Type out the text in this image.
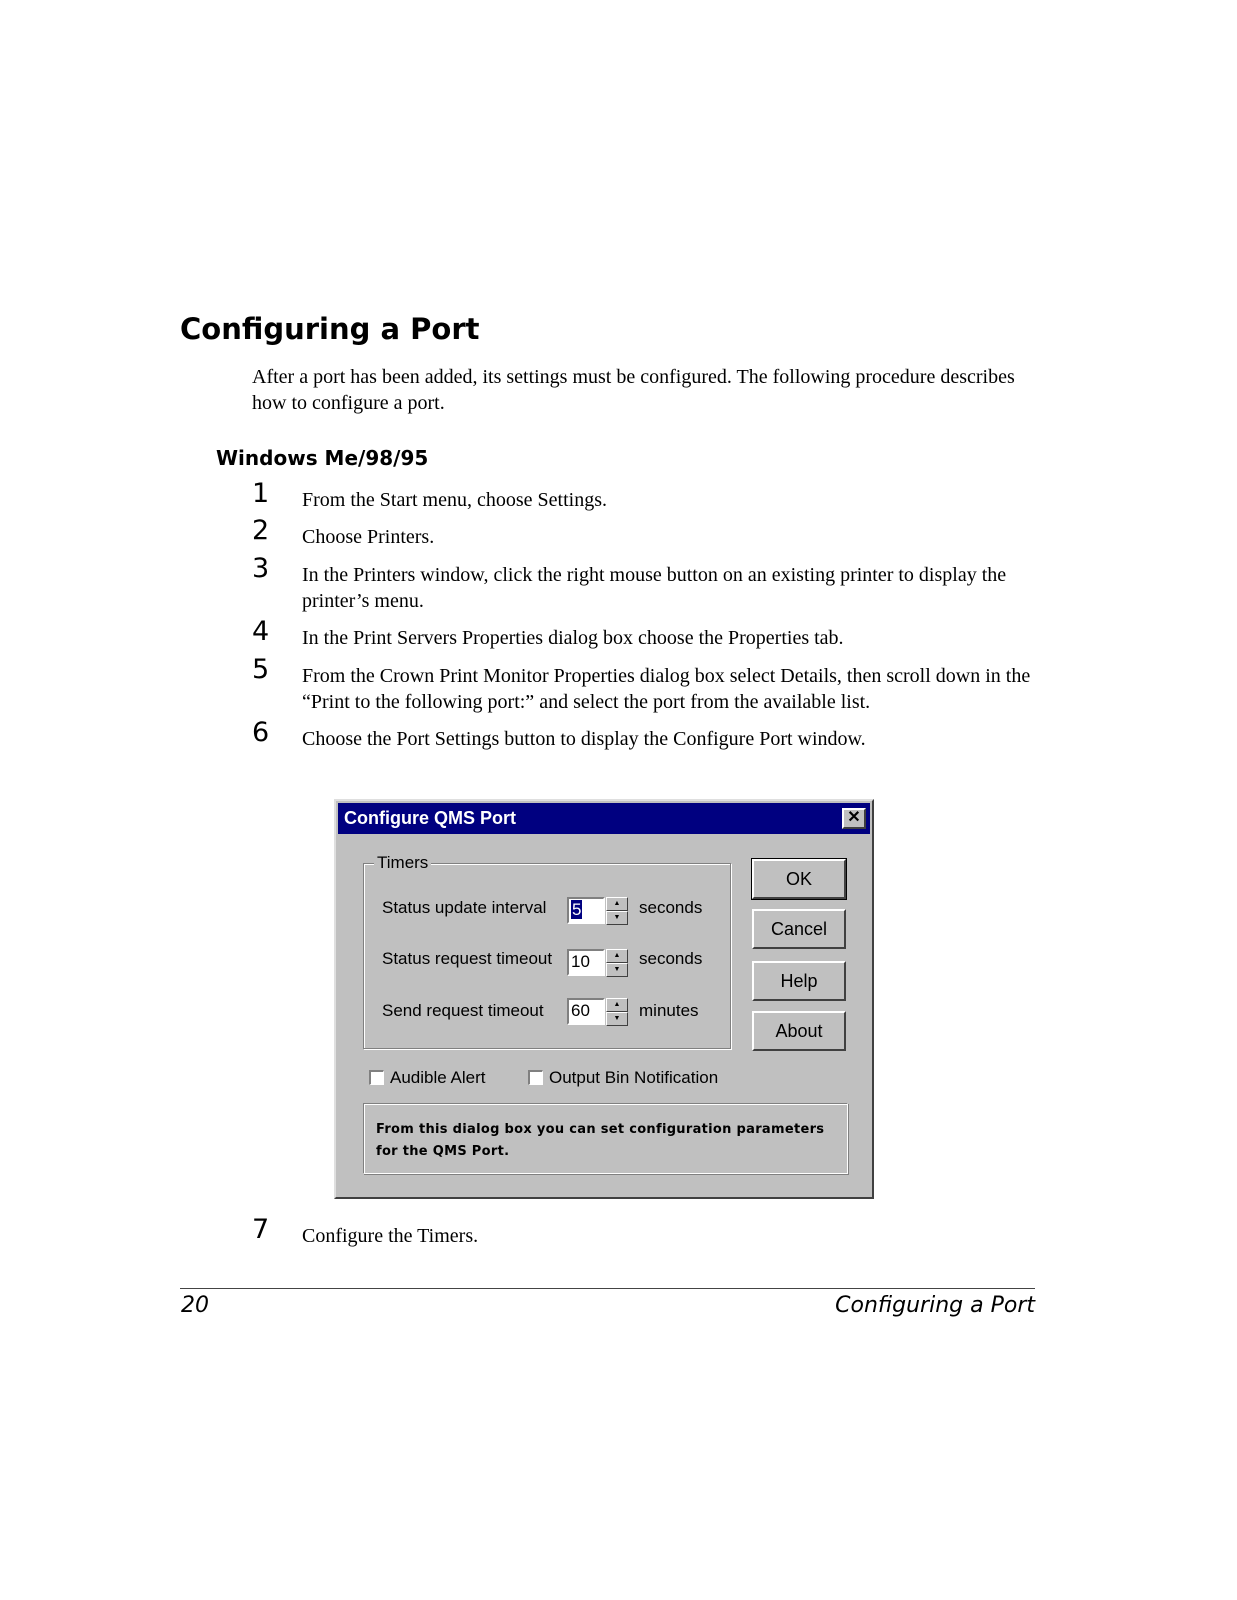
Configuring a Port

After a port has been added, its settings must be configured. The following procedure describes how to configure a port.

Windows Me/98/95
1 From the Start menu, choose Settings.
2 Choose Printers.
3 In the Printers window, click the right mouse button on an existing printer to display the printer’s menu.
4 In the Print Servers Properties dialog box choose the Properties tab.
5 From the Crown Print Monitor Properties dialog box select Details, then scroll down in the “Print to the following port:” and select the port from the available list.
6 Choose the Port Settings button to display the Configure Port window.
Configure QMS Port	✕
Timers
Status update interval 5	▲
▼
seconds
Status request timeout 10	▲
▼
seconds
Send request timeout 60	▲
▼	minutes
OK
Cancel
Help
About
Audible Alert	Output Bin Notification
From this dialog box you can set configuration parameters for the QMS Port.
7 Configure the Timers.
20	Configuring a Port
